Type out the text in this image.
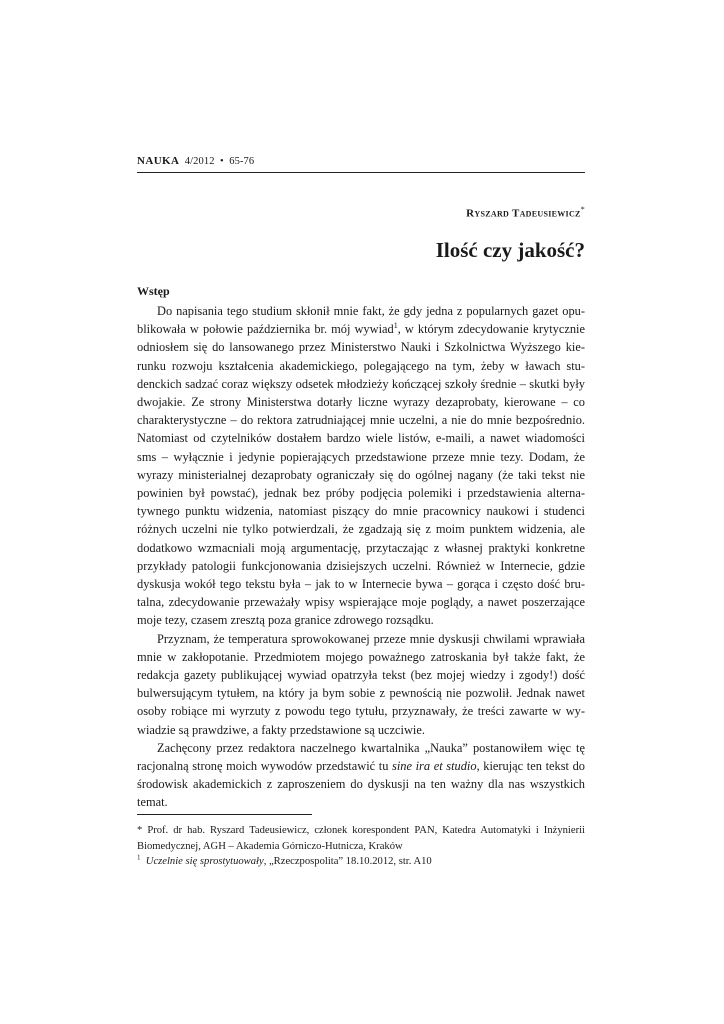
NAUKA 4/2012 • 65-76
Ryszard Tadeusiewicz*
Ilość czy jakość?
Wstęp

Do napisania tego studium skłonił mnie fakt, że gdy jedna z popularnych gazet opublikowała w połowie października br. mój wywiad$^1$, w którym zdecydowanie krytycznie odniosłem się do lansowanego przez Ministerstwo Nauki i Szkolnictwa Wyższego kierunku rozwoju kształcenia akademickiego, polegającego na tym, żeby w ławach studenckich sadzać coraz większy odsetek młodzieży kończącej szkoły średnie – skutki były dwojakie. Ze strony Ministerstwa dotarły liczne wyrazy dezaprobaty, kierowane – co charakterystyczne – do rektora zatrudniającej mnie uczelni, a nie do mnie bezpośrednio. Natomiast od czytelników dostałem bardzo wiele listów, e-maili, a nawet wiadomości sms – wyłącznie i jedynie popierających przedstawione przeze mnie tezy. Dodam, że wyrazy ministerialnej dezaprobaty ograniczały się do ogólnej nagany (że taki tekst nie powinien był powstać), jednak bez próby podjęcia polemiki i przedstawienia alternatywnego punktu widzenia, natomiast piszący do mnie pracownicy naukowi i studenci różnych uczelni nie tylko potwierdzali, że zgadzają się z moim punktem widzenia, ale dodatkowo wzmacniali moją argumentację, przytaczając z własnej praktyki konkretne przykłady patologii funkcjonowania dzisiejszych uczelni. Również w Internecie, gdzie dyskusja wokół tego tekstu była – jak to w Internecie bywa – gorąca i często dość brutalna, zdecydowanie przeważały wpisy wspierające moje poglądy, a nawet poszerzające moje tezy, czasem zresztą poza granice zdrowego rozsądku.

Przyznam, że temperatura sprowokowanej przeze mnie dyskusji chwilami wprawiała mnie w zakłopotanie. Przedmiotem mojego poważnego zatroskania był także fakt, że redakcja gazety publikującej wywiad opatrzyła tekst (bez mojej wiedzy i zgody!) dość bulwersującym tytułem, na który ja bym sobie z pewnością nie pozwolił. Jednak nawet osoby robiące mi wyrzuty z powodu tego tytułu, przyznawały, że treści zawarte w wywiadzie są prawdziwe, a fakty przedstawione są uczciwie.

Zachęcony przez redaktora naczelnego kwartalnika „Nauka” postanowiłem więc tę racjonalną stronę moich wywodów przedstawić tu sine ira et studio, kierując ten tekst do środowisk akademickich z zaproszeniem do dyskusji na ten ważny dla nas wszystkich temat.

* Prof. dr hab. Ryszard Tadeusiewicz, członek korespondent PAN, Katedra Automatyki i Inżynierii Biomedycznej, AGH – Akademia Górniczo-Hutnicza, Kraków

$^1$ Uczelnie się sprostytuowały, „Rzeczpospolita” 18.10.2012, str. A10
